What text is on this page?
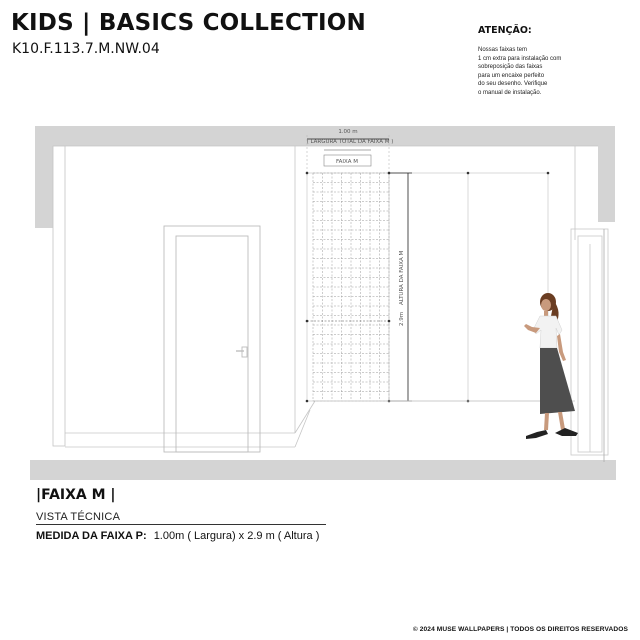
KIDS | BASICS COLLECTION
K10.F.113.7.M.NW.04
ATENÇÃO:
Nossas faixas tem
1 cm extra para instalação com
sobreposição das faixas
para um encaixe perfeito
do seu desenho. Verifique
o manual de instalação.
1.00 m
( LARGURA TOTAL DA FAIXA M )
FAIXA M
2.9m
ALTURA DA FAIXA M
|FAIXA M |
VISTA TÉCNICA
MEDIDA DA FAIXA P: 1.00m ( Largura) x 2.9 m ( Altura )
© 2024 MUSE WALLPAPERS | TODOS OS DIREITOS RESERVADOS
